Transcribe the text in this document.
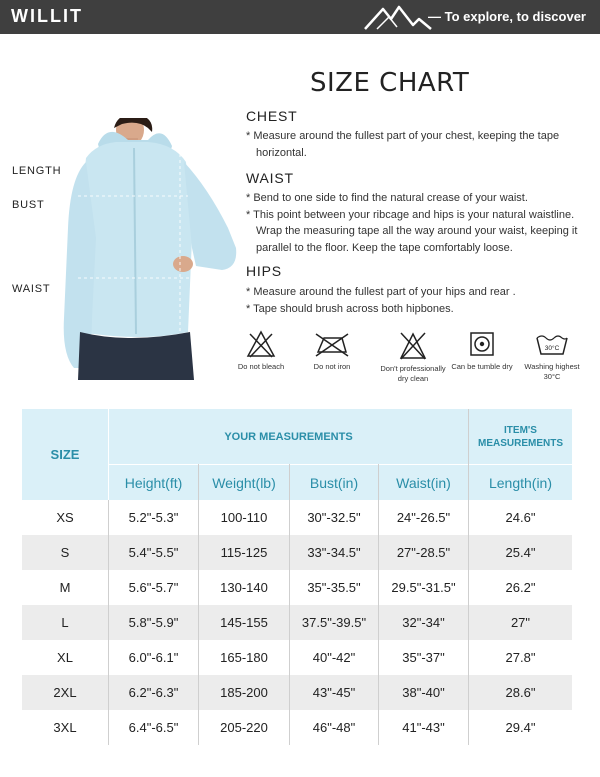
WILLIT	— To explore, to discover
SIZE CHART
LENGTH
BUST
WAIST
CHEST

* Measure around the fullest part of your chest, keeping the tape horizontal.

WAIST

* Bend to one side to find the natural crease of your waist.

* This point between your ribcage and hips is your natural waistline. Wrap the measuring tape all the way around your waist, keeping it parallel to the floor. Keep the tape comfortably loose.

HIPS

* Measure around the fullest part of your hips and rear .

* Tape should brush across both hipbones.

Do not bleach	Do not iron	Don't professionally dry clean
Can be tumble dry
30°C
Washing highest 30°C
SIZE
YOUR MEASUREMENTS
ITEM'S MEASUREMENTS
Height(ft)	Weight(lb)	Bust(in)	Waist(in)	Length(in)
XS	5.2"-5.3"	100-110	30"-32.5"	24"-26.5"	24.6"
S	5.4"-5.5"	115-125	33"-34.5"	27"-28.5"	25.4"
M	5.6"-5.7"	130-140	35"-35.5"	29.5"-31.5"	26.2"
L	5.8"-5.9"	145-155	37.5"-39.5"	32"-34"	27"
XL	6.0"-6.1"	165-180	40"-42"	35"-37"	27.8"
2XL	6.2"-6.3"	185-200	43"-45"	38"-40"	28.6"
3XL	6.4"-6.5"	205-220	46"-48"	41"-43"	29.4"
